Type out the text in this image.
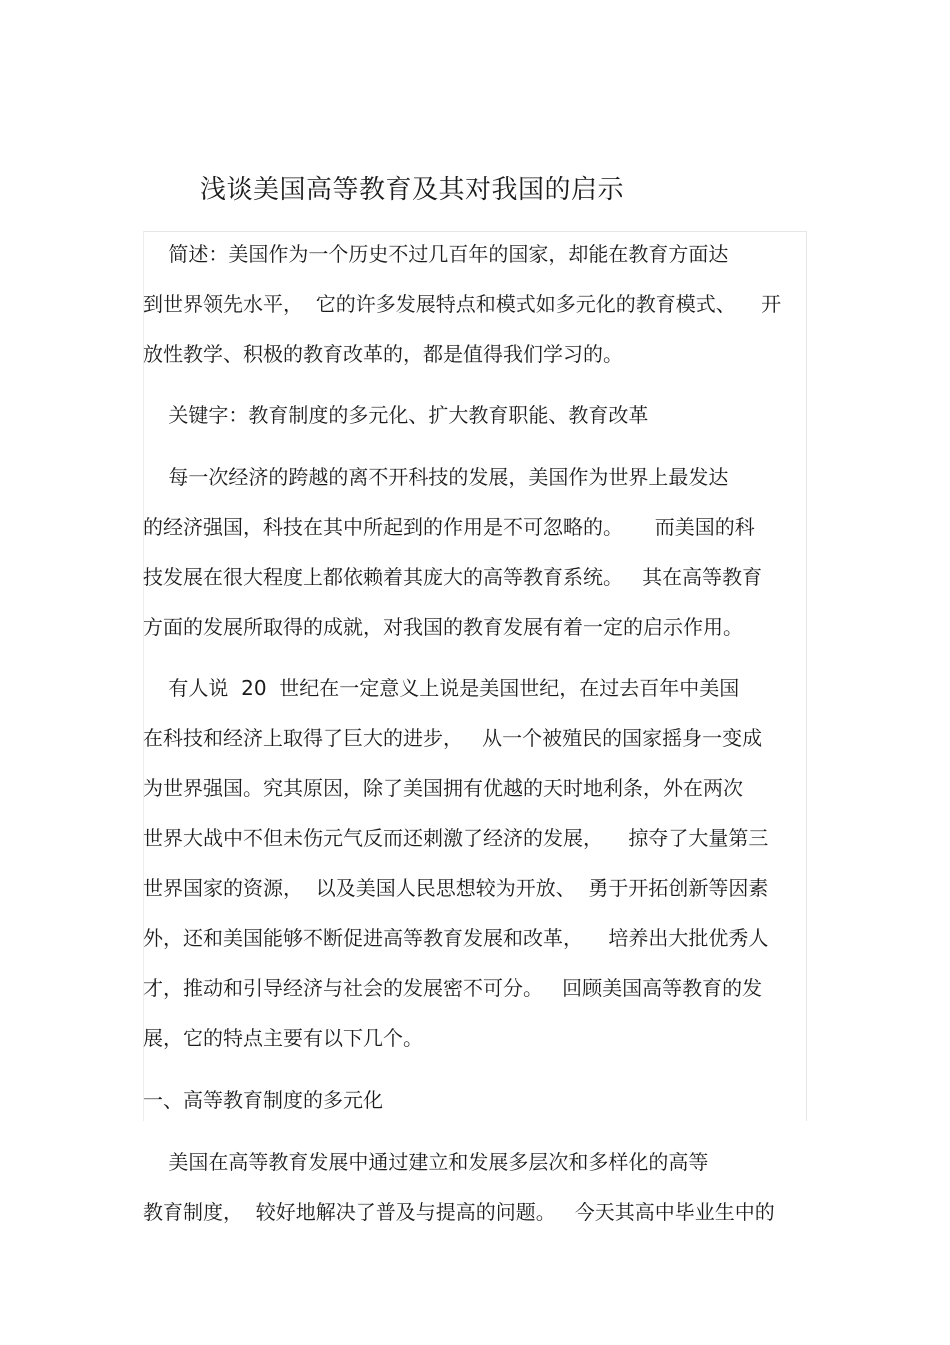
浅谈美国高等教育及其对我国的启示
简述：美国作为一个历史不过几百年的国家，却能在教育方面达
到世界领先水平，  它的许多发展特点和模式如多元化的教育模式、    开
放性教学、积极的教育改革的，都是值得我们学习的。
关键字：教育制度的多元化、扩大教育职能、教育改革
每一次经济的跨越的离不开科技的发展，美国作为世界上最发达
的经济强国，科技在其中所起到的作用是不可忽略的。     而美国的科
技发展在很大程度上都依赖着其庞大的高等教育系统。   其在高等教育
方面的发展所取得的成就，对我国的教育发展有着一定的启示作用。
有人说  20  世纪在一定意义上说是美国世纪，在过去百年中美国
在科技和经济上取得了巨大的进步，   从一个被殖民的国家摇身一变成
为世界强国。究其原因，除了美国拥有优越的天时地利条，外在两次
世界大战中不但未伤元气反而还刺激了经济的发展，    掠夺了大量第三
世界国家的资源，  以及美国人民思想较为开放、  勇于开拓创新等因素
外，还和美国能够不断促进高等教育发展和改革，    培养出大批优秀人
才，推动和引导经济与社会的发展密不可分。   回顾美国高等教育的发
展，它的特点主要有以下几个。
一、高等教育制度的多元化
美国在高等教育发展中通过建立和发展多层次和多样化的高等
教育制度，  较好地解决了普及与提高的问题。   今天其高中毕业生中的
